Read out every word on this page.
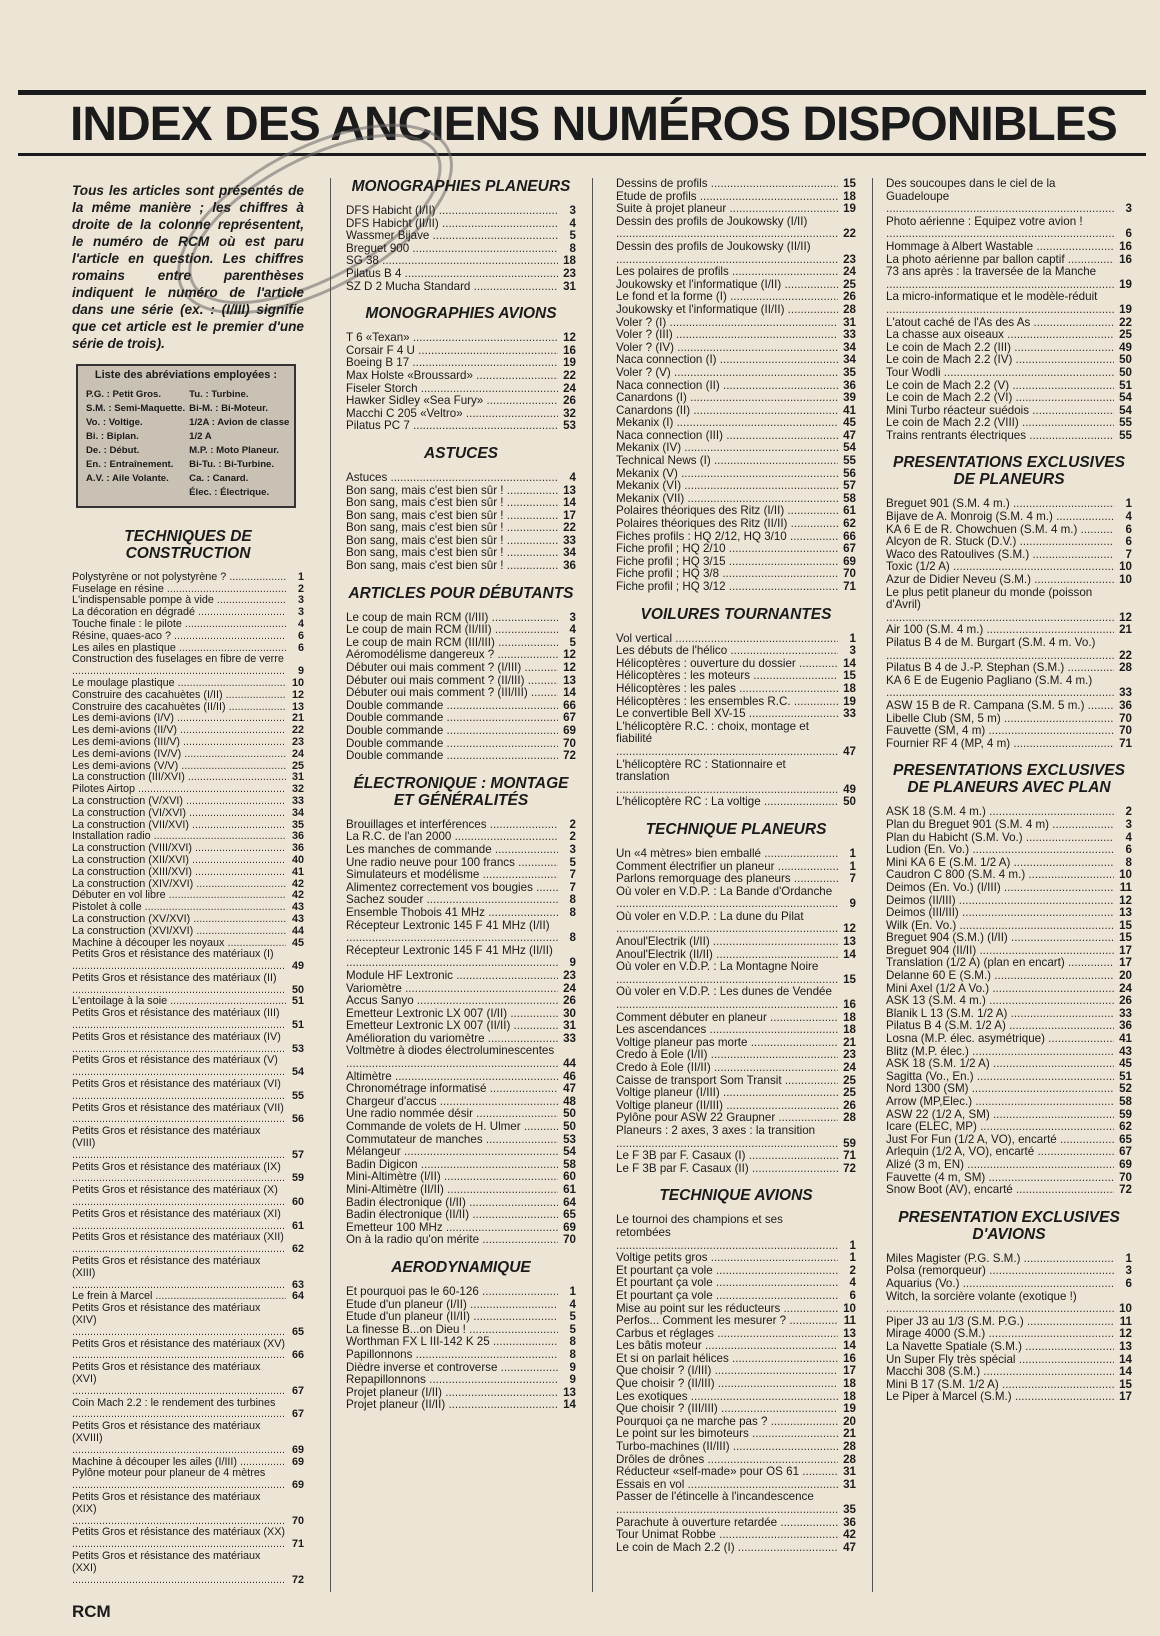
INDEX DES ANCIENS NUMÉROS DISPONIBLES
Tous les articles sont présentés de la même manière ; les chiffres à droite de la colonne représentent, le numéro de RCM où est paru l'article en question. Les chiffres romains entre parenthèses indiquent le numéro de l'article dans une série (ex. : (I/III) signifie que cet article est le premier d'une série de trois).
Liste des abréviations employées :
P.G. : Petit Gros.	Tu. : Turbine.
S.M. : Semi-Maquette.	Bi-M. : Bi-Moteur.
Vo. : Voltige.	1/2A : Avion de classe
Bi. : Biplan.	1/2 A
De. : Début.	M.P. : Moto Planeur.
En. : Entraînement.	Bi-Tu. : Bi-Turbine.
A.V. : Aile Volante.	Ca. : Canard.
	Élec. : Électrique.
TECHNIQUES DE CONSTRUCTION
Polystyrène or not polystyrène ? .....	1
Fuselage en résine .....	2
L'indispensable pompe à vide .....	3
La décoration en dégradé .....	3
Touche finale : le pilote .....	4
Résine, quaes-aco ? .....	6
Les ailes en plastique .....	6
Construction des fuselages en fibre de verre .....
9
Le moulage plastique .....	10
Construire des cacahuètes (I/II) .....	12
Construire des cacahuètes (II/II) .....	13
Les demi-avions (I/V) .....	21
Les demi-avions (II/V) .....	22
Les demi-avions (III/V) .....	23
Les demi-avions (IV/V) .....	24
Les demi-avions (V/V) .....	25
La construction (III/XVI) .....	31
Pilotes Airtop .....	32
La construction (V/XVI) .....	33
La construction (VI/XVI) .....	34
La construction (VII/XVI) .....	35
Installation radio .....	36
La construction (VIII/XVI) .....	36
La construction (XII/XVI) .....	40
La construction (XIII/XVI) .....	41
La construction (XIV/XVI) .....	42
Débuter en vol libre .....	42
Pistolet à colle .....	43
La construction (XV/XVI) .....	43
La construction (XVI/XVI) .....	44
Machine à découper les noyaux .....	45
Petits Gros et résistance des matériaux (I) .....
49
Petits Gros et résistance des matériaux (II) .....
50
L'entoilage à la soie .....	51
Petits Gros et résistance des matériaux (III) .....
51
Petits Gros et résistance des matériaux (IV) .....
53
Petits Gros et résistance des matériaux (V) .....
54
Petits Gros et résistance des matériaux (VI) .....
55
Petits Gros et résistance des matériaux (VII) .....
56
Petits Gros et résistance des matériaux (VIII) .....
57
Petits Gros et résistance des matériaux (IX) .....
59
Petits Gros et résistance des matériaux (X) .....
60
Petits Gros et résistance des matériaux (XI) .....
61
Petits Gros et résistance des matériaux (XII) .....
62
Petits Gros et résistance des matériaux (XIII) .....
63
Le frein à Marcel .....	64
Petits Gros et résistance des matériaux (XIV) .....
65
Petits Gros et résistance des matériaux (XV) .....
66
Petits Gros et résistance des matériaux (XVI) .....
67
Coin Mach 2.2 : le rendement des turbines .....
67
Petits Gros et résistance des matériaux (XVIII) .....
69
Machine à découper les ailes (I/III) .....	69
Pylône moteur pour planeur de 4 mètres .....
69
Petits Gros et résistance des matériaux (XIX) .....
70
Petits Gros et résistance des matériaux (XX) .....
71
Petits Gros et résistance des matériaux (XXI) .....
72
MONOGRAPHIES PLANEURS
DFS Habicht (I/II) .....	3
DFS Habicht (II/II) .....	4
Wassmer Bijave .....	5
Breguet 900 .....	8
SG 38 .....	18
Pilatus B 4 .....	23
SZ D 2 Mucha Standard .....	31
MONOGRAPHIES AVIONS
T 6 «Texan» .....	12
Corsair F 4 U .....	16
Boeing B 17 .....	19
Max Holste «Broussard» .....	22
Fiseler Storch .....	24
Hawker Sidley «Sea Fury» .....	26
Macchi C 205 «Veltro» .....	32
Pilatus PC 7 .....	53
ASTUCES
Astuces .....	4
Bon sang, mais c'est bien sûr ! .....	13
Bon sang, mais c'est bien sûr ! .....	14
Bon sang, mais c'est bien sûr ! .....	17
Bon sang, mais c'est bien sûr ! .....	22
Bon sang, mais c'est bien sûr ! .....	33
Bon sang, mais c'est bien sûr ! .....	34
Bon sang, mais c'est bien sûr ! .....	36
ARTICLES POUR DÉBUTANTS
Le coup de main RCM (I/III) .....	3
Le coup de main RCM (II/III) .....	4
Le coup de main RCM (III/III) .....	5
Aéromodélisme dangereux ? .....	12
Débuter oui mais comment ? (I/III) .....	12
Débuter oui mais comment ? (II/III) .....	13
Débuter oui mais comment ? (III/III) .....	14
Double commande .....	66
Double commande .....	67
Double commande .....	69
Double commande .....	70
Double commande .....	72
ÉLECTRONIQUE : MONTAGE ET GÉNÉRALITÉS
Brouillages et interférences .....	2
La R.C. de l'an 2000 .....	2
Les manches de commande .....	3
Une radio neuve pour 100 francs .....	5
Simulateurs et modélisme .....	7
Alimentez correctement vos bougies .....	7
Sachez souder .....	8
Ensemble Thobois 41 MHz .....	8
Récepteur Lextronic 145 F 41 MHz (I/II) .....
8
Récepteur Lextronic 145 F 41 MHz (II/II) .....
9
Module HF Lextronic .....	23
Variomètre .....	24
Accus Sanyo .....	26
Émetteur Lextronic LX 007 (I/II) .....	30
Émetteur Lextronic LX 007 (II/II) .....	31
Amélioration du variomètre .....	33
Voltmètre à diodes électroluminescentes .....
44
Altimètre .....	46
Chronométrage informatisé .....	47
Chargeur d'accus .....	48
Une radio nommée désir .....	50
Commande de volets de H. Ulmer .....	50
Commutateur de manches .....	53
Mélangeur .....	54
Badin Digicon .....	58
Mini-Altimètre (I/II) .....	60
Mini-Altimètre (II/II) .....	61
Badin électronique (I/II) .....	64
Badin électronique (II/II) .....	65
Émetteur 100 MHz .....	69
On à la radio qu'on mérite .....	70
AERODYNAMIQUE
Et pourquoi pas le 60-126 .....	1
Étude d'un planeur (I/II) .....	4
Étude d'un planeur (II/II) .....	5
La finesse B...on Dieu ! .....	5
Worthman FX L III-142 K 25 .....	8
Papillonnons .....	8
Dièdre inverse et controverse .....	9
Repapillonnons .....	9
Projet planeur (I/II) .....	13
Projet planeur (II/II) .....	14
Dessins de profils .....	15
Étude de profils .....	18
Suite à projet planeur .....	19
Dessin des profils de Joukowsky (I/II) .....
22
Dessin des profils de Joukowsky (II/II) .....
23
Les polaires de profils .....	24
Joukowsky et l'informatique (I/II) .....	25
Le fond et la forme (I) .....	26
Joukowsky et l'informatique (II/II) .....	28
Voler ? (I) .....	31
Voler ? (III) .....	33
Voler ? (IV) .....	34
Naca connection (I) .....	34
Voler ? (V) .....	35
Naca connection (II) .....	36
Canardons (I) .....	39
Canardons (II) .....	41
Mekanix (I) .....	45
Naca connection (III) .....	47
Mekanix (IV) .....	54
Technical News (I) .....	55
Mekanix (V) .....	56
Mekanix (VI) .....	57
Mekanix (VII) .....	58
Polaires théoriques des Ritz (I/II) .....	61
Polaires théoriques des Ritz (II/II) .....	62
Fiches profils : HQ 2/12, HQ 3/10 .....	66
Fiche profil ; HQ 2/10 .....	67
Fiche profil ; HQ 3/15 .....	69
Fiche profil ; HQ 3/8 .....	70
Fiche profil ; HQ 3/12 .....	71
VOILURES TOURNANTES
Vol vertical .....	1
Les débuts de l'hélico .....	3
Hélicoptères : ouverture du dossier .....	14
Hélicoptères : les moteurs .....	15
Hélicoptères : les pales .....	18
Hélicoptères : les ensembles R.C. .....	19
Le convertible Bell XV-15 .....	33
L'hélicoptère R.C. : choix, montage et fiabilité .....
47
L'hélicoptère RC : Stationnaire et translation .....
49
L'hélicoptère RC : La voltige .....	50
TECHNIQUE PLANEURS
Un «4 mètres» bien emballé .....	1
Comment électrifier un planeur .....	1
Parlons remorquage des planeurs .....	7
Où voler en V.D.P. : La Bande d'Ordanche .....
9
Où voler en V.D.P. : La dune du Pilat .....
12
Anoul'Électrik (I/II) .....	13
Anoul'Électrik (II/II) .....	14
Où voler en V.D.P. : La Montagne Noire .....
15
Où voler en V.D.P. : Les dunes de Vendée .....
16
Comment débuter en planeur .....	18
Les ascendances .....	18
Voltige planeur pas morte .....	21
Credo à Eole (I/II) .....	23
Credo à Eole (II/II) .....	24
Caisse de transport Som Transit .....	25
Voltige planeur (I/III) .....	25
Voltige planeur (II/III) .....	26
Pylône pour ASW 22 Graupner .....	28
Planeurs : 2 axes, 3 axes : la transition .....
59
Le F 3B par F. Casaux (I) .....	71
Le F 3B par F. Casaux (II) .....	72
TECHNIQUE AVIONS
Le tournoi des champions et ses retombées .....
1
Voltige petits gros .....	1
Et pourtant ça vole .....	2
Et pourtant ça vole .....	4
Et pourtant ça vole .....	6
Mise au point sur les réducteurs .....	10
Perfos... Comment les mesurer ? .....	11
Carbus et réglages .....	13
Les bâtis moteur .....	14
Et si on parlait hélices .....	16
Que choisir ? (I/III) .....	17
Que choisir ? (II/III) .....	18
Les exotiques .....	18
Que choisir ? (III/III) .....	19
Pourquoi ça ne marche pas ? .....	20
Le point sur les bimoteurs .....	21
Turbo-machines (II/III) .....	28
Drôles de drônes .....	28
Réducteur «self-made» pour OS 61 .....	31
Essais en vol .....	31
Passer de l'étincelle à l'incandescence .....
35
Parachute à ouverture retardée .....	36
Tour Unimat Robbe .....	42
Le coin de Mach 2.2 (I) .....	47
Des soucoupes dans le ciel de la Guadeloupe .....
3
Photo aérienne : Équipez votre avion ! .....
6
Hommage à Albert Wastable .....	16
La photo aérienne par ballon captif .....	16
73 ans après : la traversée de la Manche .....
19
La micro-informatique et le modèle-réduit .....
19
L'atout caché de l'As des As .....	22
La chasse aux oiseaux .....	25
Le coin de Mach 2.2 (III) .....	49
Le coin de Mach 2.2 (IV) .....	50
Tour Wodli .....	50
Le coin de Mach 2.2 (V) .....	51
Le coin de Mach 2.2 (VI) .....	54
Mini Turbo réacteur suédois .....	54
Le coin de Mach 2.2 (VIII) .....	55
Trains rentrants électriques .....	55
PRESENTATIONS EXCLUSIVES DE PLANEURS
Breguet 901 (S.M. 4 m.) .....	1
Bijave de A. Monroig (S.M. 4 m.) .....	4
KA 6 E de R. Chowchuen (S.M. 4 m.) .....	6
Alcyon de R. Stuck (D.V.) .....	6
Waco des Ratoulives (S.M.) .....	7
Toxic (1/2 A) .....	10
Azur de Didier Neveu (S.M.) .....	10
Le plus petit planeur du monde (poisson d'Avril) .....
12
Air 100 (S.M. 4 m.) .....	21
Pilatus B 4 de M. Burgart (S.M. 4 m. Vo.) .....
22
Pilatus B 4 de J.-P. Stephan (S.M.) .....	28
KA 6 E de Eugenio Pagliano (S.M. 4 m.) .....
33
ASW 15 B de R. Campana (S.M. 5 m.) .....	36
Libelle Club (SM, 5 m) .....	70
Fauvette (SM, 4 m) .....	70
Fournier RF 4 (MP, 4 m) .....	71
PRESENTATIONS EXCLUSIVES DE PLANEURS AVEC PLAN
ASK 18 (S.M. 4 m.) .....	2
Plan du Breguet 901 (S.M. 4 m) .....	3
Plan du Habicht (S.M. Vo.) .....	4
Ludion (En. Vo.) .....	6
Mini KA 6 E (S.M. 1/2 A) .....	8
Caudron C 800 (S.M. 4 m.) .....	10
Deimos (En. Vo.) (I/III) .....	11
Deimos (II/III) .....	12
Deimos (III/III) .....	13
Wilk (En. Vo.) .....	15
Breguet 904 (S.M.) (I/II) .....	15
Breguet 904 (II/II) .....	17
Translation (1/2 A) (plan en encart) .....	17
Delanne 60 E (S.M.) .....	20
Mini Axel (1/2 A Vo.) .....	24
ASK 13 (S.M. 4 m.) .....	26
Blanik L 13 (S.M. 1/2 A) .....	33
Pilatus B 4 (S.M. 1/2 A) .....	36
Losna (M.P. élec. asymétrique) .....	41
Blitz (M.P. élec.) .....	43
ASK 18 (S.M. 1/2 A) .....	45
Sagitta (Vo., En.) .....	51
Nord 1300 (SM) .....	52
Arrow (MP,Élec.) .....	58
ASW 22 (1/2 A, SM) .....	59
Icare (ELEC, MP) .....	62
Just For Fun (1/2 A, VO), encarté .....	65
Arlequin (1/2 A, VO), encarté .....	67
Alizé (3 m, EN) .....	69
Fauvette (4 m, SM) .....	70
Snow Boot (AV), encarté .....	72
PRESENTATION EXCLUSIVES D'AVIONS
Miles Magister (P.G. S.M.) .....	1
Polsa (remorqueur) .....	3
Aquarius (Vo.) .....	6
Witch, la sorcière volante (exotique !) .....
10
Piper J3 au 1/3 (S.M. P.G.) .....	11
Mirage 4000 (S.M.) .....	12
La Navette Spatiale (S.M.) .....	13
Un Super Fly très spécial .....	14
Macchi 308 (S.M.) .....	14
Mini B 17 (S.M. 1/2 A) .....	15
Le Piper à Marcel (S.M.) .....	17
RCM
